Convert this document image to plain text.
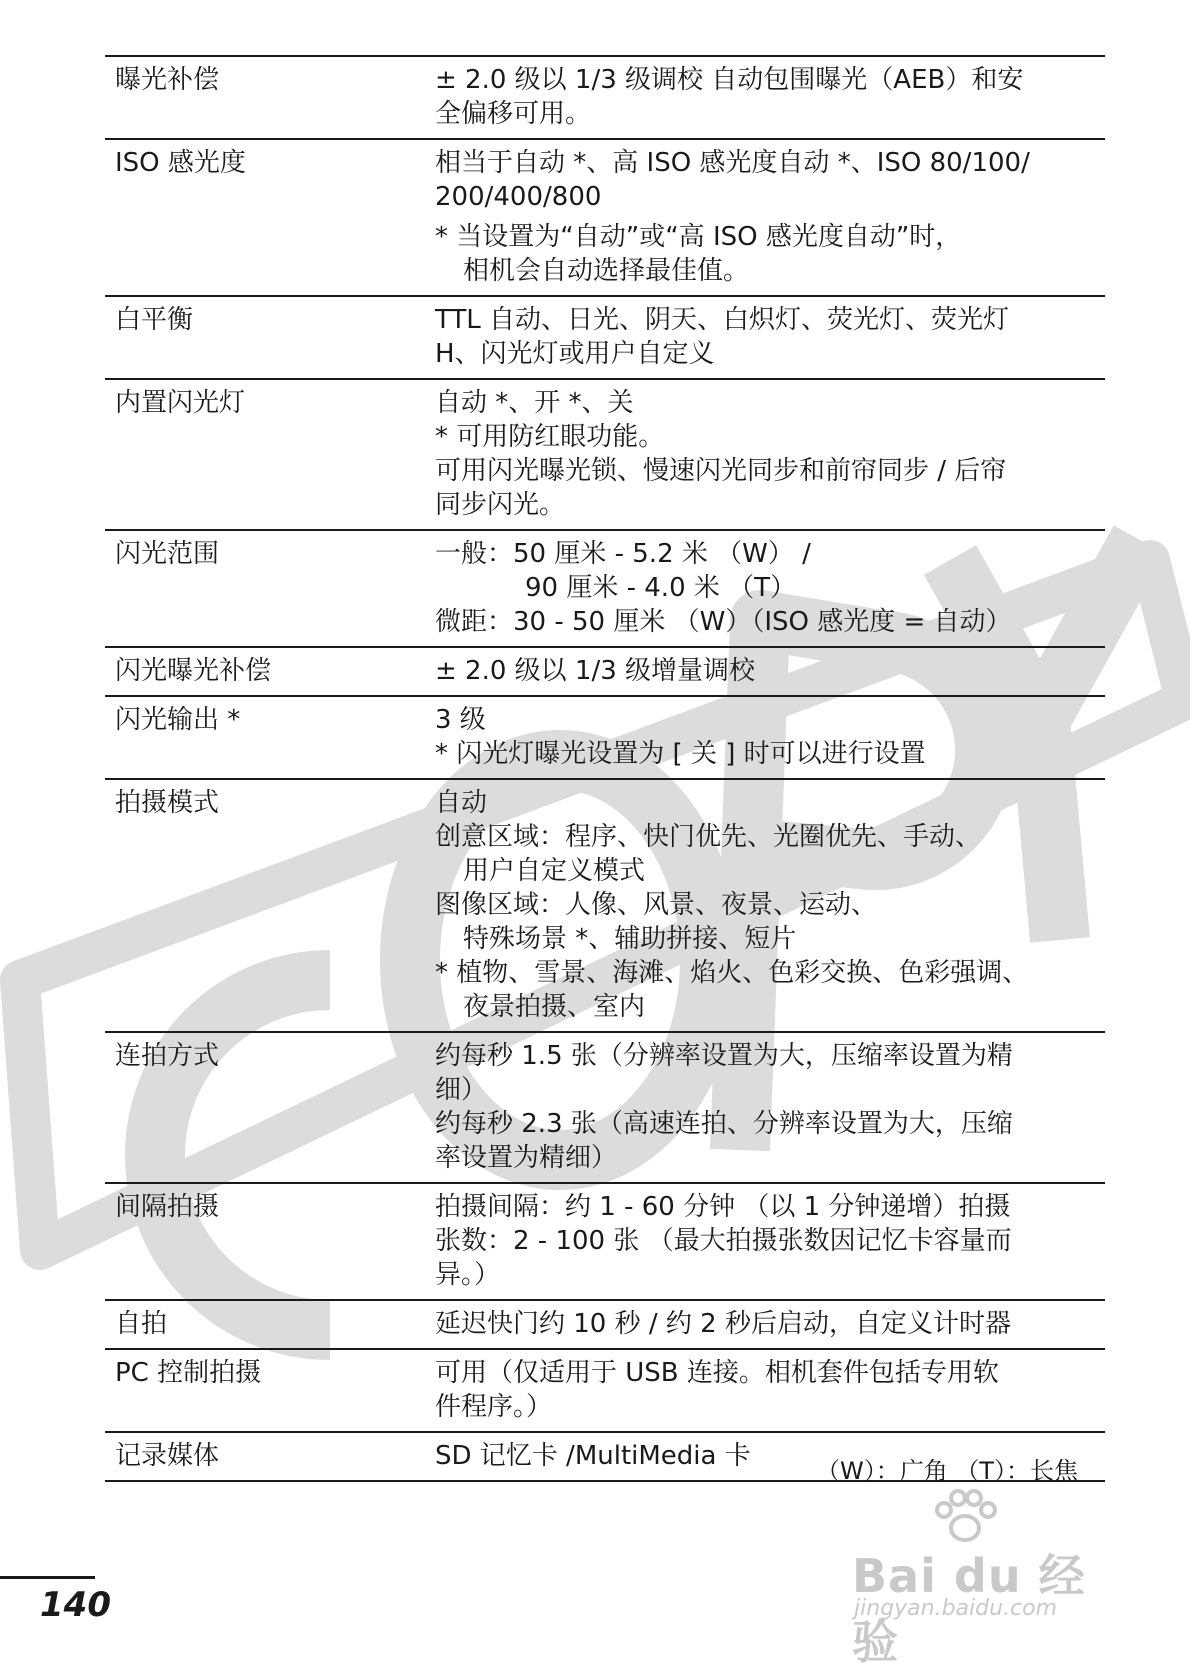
曝光补偿	± 2.0 级以 1/3 级调校 自动包围曝光（AEB）和安
全偏移可用。
ISO 感光度	相当于自动 *、高 ISO 感光度自动 *、ISO 80/100/
200/400/800
* 当设置为“自动”或“高 ISO 感光度自动”时，
相机会自动选择最佳值。
白平衡	TTL 自动、日光、阴天、白炽灯、荧光灯、荧光灯
H、闪光灯或用户自定义
内置闪光灯	自动 *、开 *、关
* 可用防红眼功能。
可用闪光曝光锁、慢速闪光同步和前帘同步 / 后帘
同步闪光。
闪光范围	一般：50 厘米 - 5.2 米 （W） /
90 厘米 - 4.0 米 （T）
微距：30 - 50 厘米 （W）（ISO 感光度 = 自动）
闪光曝光补偿	± 2.0 级以 1/3 级增量调校
闪光输出 *	3 级
* 闪光灯曝光设置为 [ 关 ] 时可以进行设置
拍摄模式	自动
创意区域：程序、快门优先、光圈优先、手动、
用户自定义模式
图像区域：人像、风景、夜景、运动、
特殊场景 *、辅助拼接、短片
* 植物、雪景、海滩、焰火、色彩交换、色彩强调、
夜景拍摄、室内
连拍方式	约每秒 1.5 张（分辨率设置为大，压缩率设置为精
细）
约每秒 2.3 张（高速连拍、分辨率设置为大，压缩
率设置为精细）
间隔拍摄	拍摄间隔：约 1 - 60 分钟 （以 1 分钟递增）拍摄
张数：2 - 100 张 （最大拍摄张数因记忆卡容量而
异。）
自拍	延迟快门约 10 秒 / 约 2 秒后启动，自定义计时器
PC 控制拍摄	可用（仅适用于 USB 连接。相机套件包括专用软
件程序。）
记录媒体	SD 记忆卡 /MultiMedia 卡	（W）：广角 （T）：长焦
140
Bai du 经验
jingyan.baidu.com
